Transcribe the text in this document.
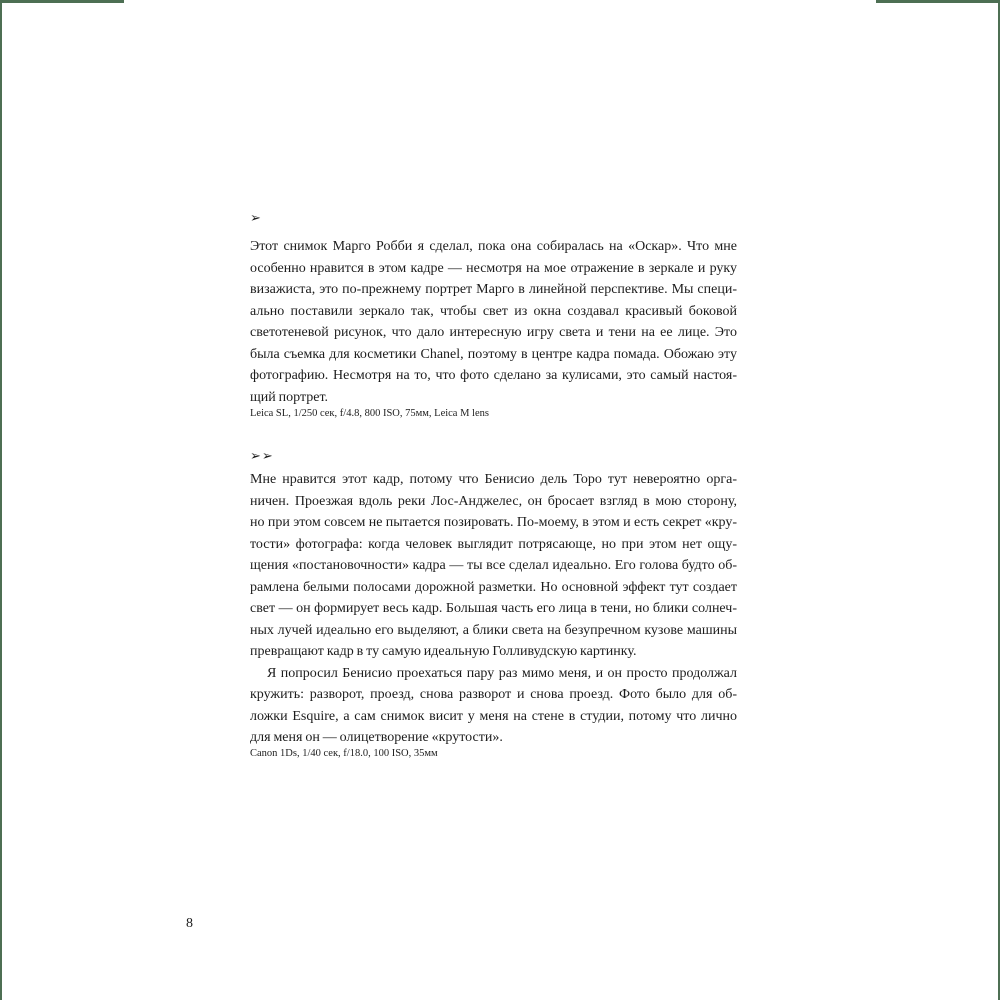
➢
Этот снимок Марго Робби я сделал, пока она собиралась на «Оскар». Что мне
особенно нравится в этом кадре — несмотря на мое отражение в зеркале и руку
визажиста, это по-прежнему портрет Марго в линейной перспективе. Мы специ-
ально поставили зеркало так, чтобы свет из окна создавал красивый боковой
светотеневой рисунок, что дало интересную игру света и тени на ее лице. Это
была съемка для косметики Chanel, поэтому в центре кадра помада. Обожаю эту
фотографию. Несмотря на то, что фото сделано за кулисами, это самый настоя-
щий портрет.
Leica SL, 1/250 сек, f/4.8, 800 ISO, 75мм, Leica M lens
➢➢
Мне нравится этот кадр, потому что Бенисио дель Торо тут невероятно орга-
ничен. Проезжая вдоль реки Лос-Анджелес, он бросает взгляд в мою сторону,
но при этом совсем не пытается позировать. По-моему, в этом и есть секрет «кру-
тости» фотографа: когда человек выглядит потрясающе, но при этом нет ощу-
щения «постановочности» кадра — ты все сделал идеально. Его голова будто об-
рамлена белыми полосами дорожной разметки. Но основной эффект тут создает
свет — он формирует весь кадр. Большая часть его лица в тени, но блики солнеч-
ных лучей идеально его выделяют, а блики света на безупречном кузове машины
превращают кадр в ту самую идеальную Голливудскую картинку.
Я попросил Бенисио проехаться пару раз мимо меня, и он просто продолжал
кружить: разворот, проезд, снова разворот и снова проезд. Фото было для об-
ложки Esquire, а сам снимок висит у меня на стене в студии, потому что лично
для меня он — олицетворение «крутости».
Canon 1Ds, 1/40 сек, f/18.0, 100 ISO, 35мм
8
